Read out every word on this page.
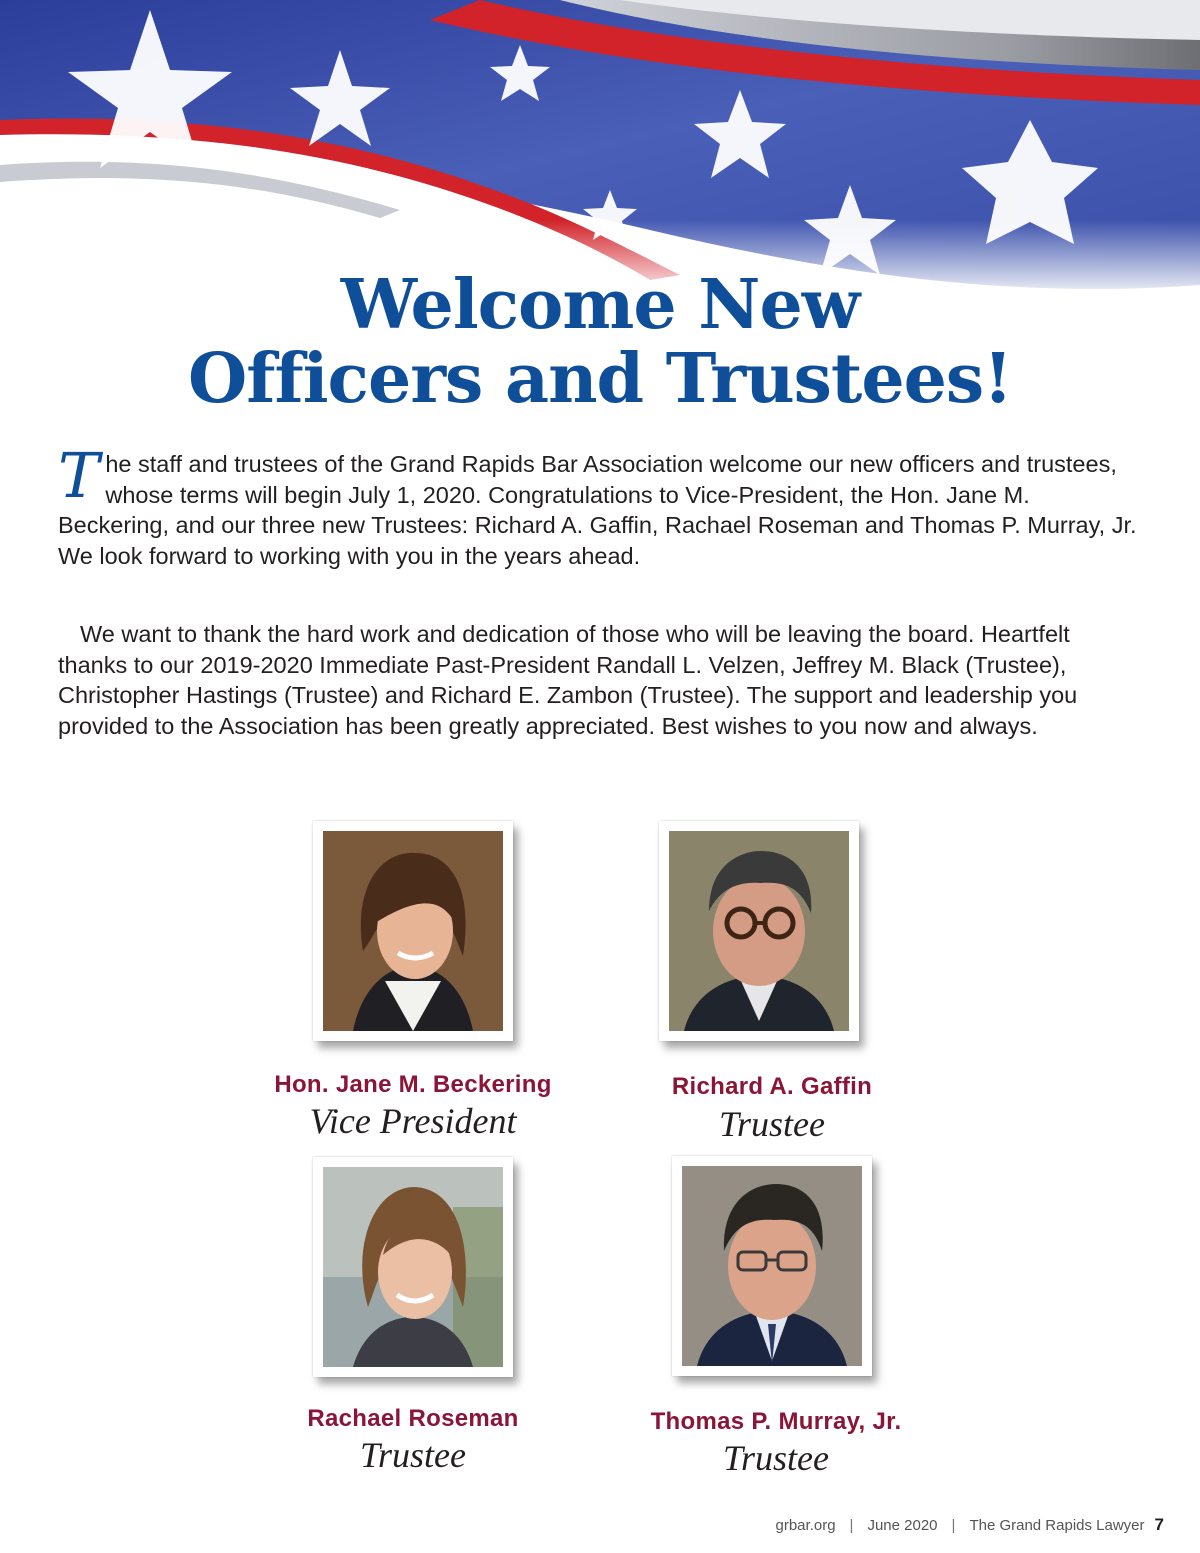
Welcome New
Officers and Trustees!

The staff and trustees of the Grand Rapids Bar Association welcome our new officers and trustees, whose terms will begin July 1, 2020. Congratulations to Vice-President, the Hon. Jane M. Beckering, and our three new Trustees: Richard A. Gaffin, Rachael Roseman and Thomas P. Murray, Jr. We look forward to working with you in the years ahead.

We want to thank the hard work and dedication of those who will be leaving the board. Heartfelt thanks to our 2019-2020 Immediate Past-President Randall L. Velzen, Jeffrey M. Black (Trustee), Christopher Hastings (Trustee) and Richard E. Zambon (Trustee). The support and leadership you provided to the Association has been greatly appreciated. Best wishes to you now and always.

Hon. Jane M. Beckering
Vice President
Richard A. Gaffin
Trustee
Rachael Roseman
Trustee
Thomas P. Murray, Jr.
Trustee
grbar.org | June 2020 | The Grand Rapids Lawyer 7
